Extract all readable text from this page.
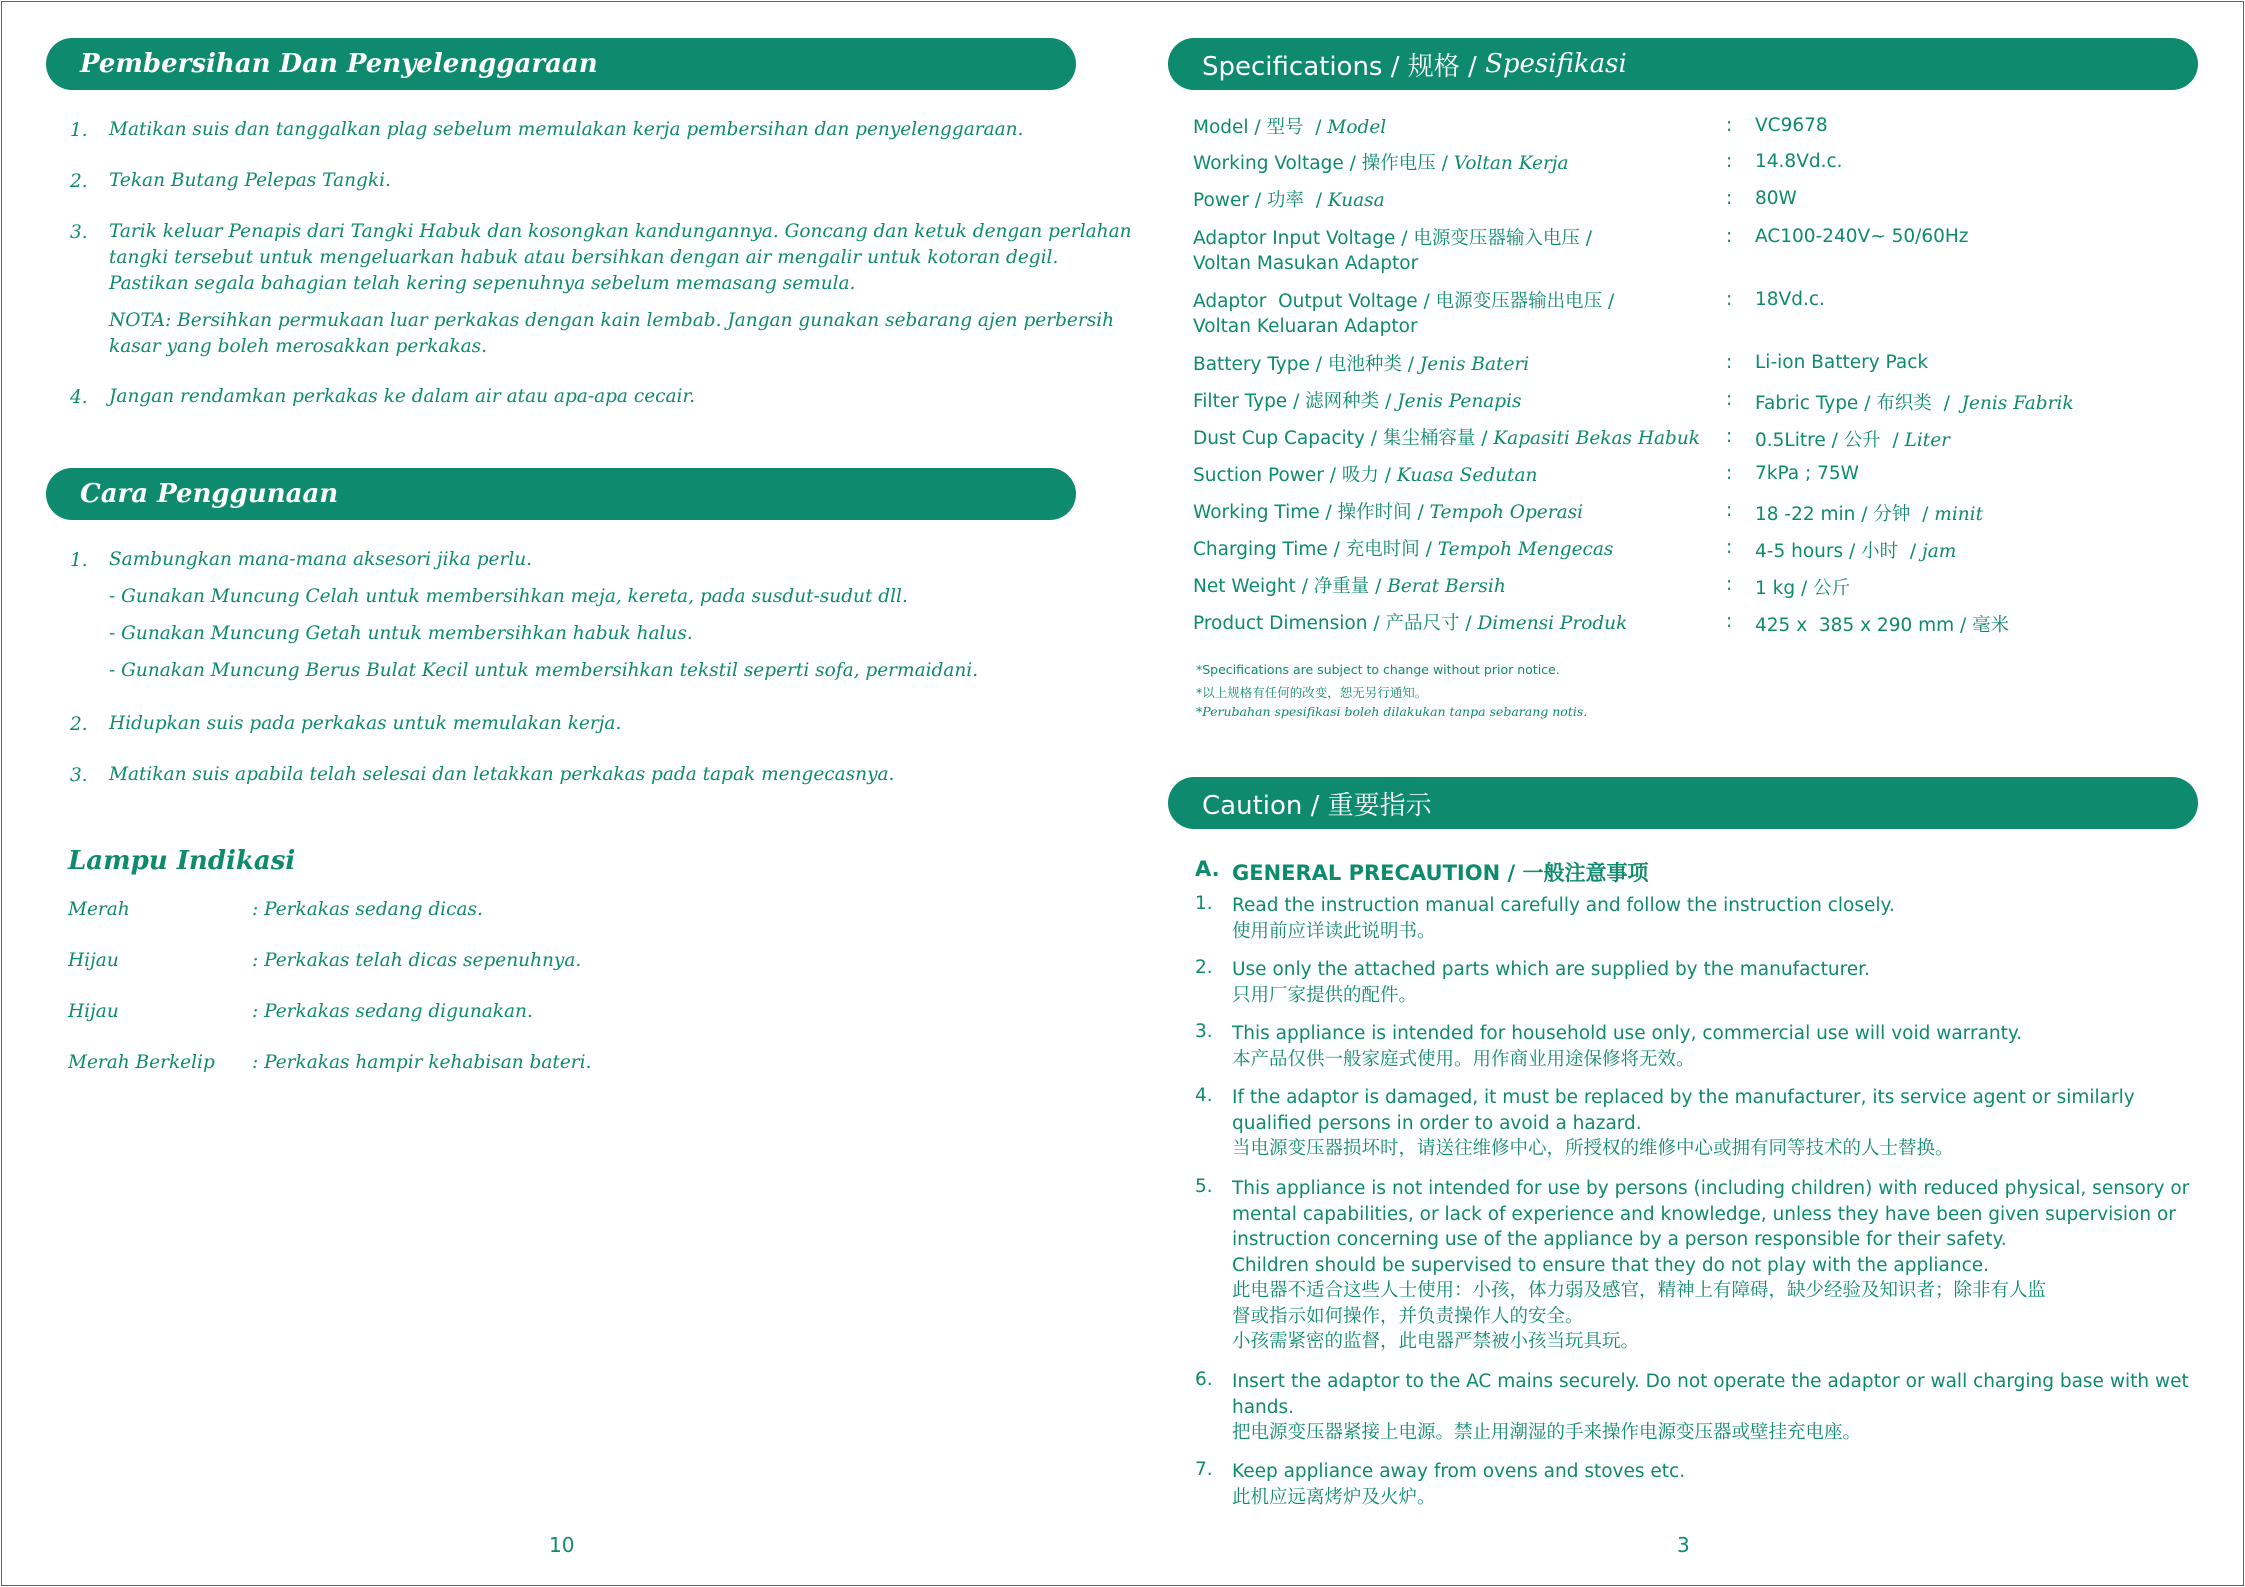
Pembersihan Dan Penyelenggaraan
1. Matikan suis dan tanggalkan plag sebelum memulakan kerja pembersihan dan penyelenggaraan.
2. Tekan Butang Pelepas Tangki.
3. Tarik keluar Penapis dari Tangki Habuk dan kosongkan kandungannya. Goncang dan ketuk dengan perlahan
tangki tersebut untuk mengeluarkan habuk atau bersihkan dengan air mengalir untuk kotoran degil.
Pastikan segala bahagian telah kering sepenuhnya sebelum memasang semula.
NOTA: Bersihkan permukaan luar perkakas dengan kain lembab. Jangan gunakan sebarang ajen perbersih
kasar yang boleh merosakkan perkakas.
4. Jangan rendamkan perkakas ke dalam air atau apa-apa cecair.
Cara Penggunaan
1. Sambungkan mana-mana aksesori jika perlu.
- Gunakan Muncung Celah untuk membersihkan meja, kereta, pada susdut-sudut dll.
- Gunakan Muncung Getah untuk membersihkan habuk halus.
- Gunakan Muncung Berus Bulat Kecil untuk membersihkan tekstil seperti sofa, permaidani.
2. Hidupkan suis pada perkakas untuk memulakan kerja.
3. Matikan suis apabila telah selesai dan letakkan perkakas pada tapak mengecasnya.
Lampu Indikasi
Merah	: Perkakas sedang dicas.
Hijau	: Perkakas telah dicas sepenuhnya.
Hijau	: Perkakas sedang digunakan.
Merah Berkelip : Perkakas hampir kehabisan bateri.
10
Specifications / 规格 / Spesifikasi
Model / 型号  / Model	: VC9678
Working Voltage / 操作电压 / Voltan Kerja	: 14.8Vd.c.
Power / 功率  / Kuasa	: 80W
Adaptor Input Voltage / 电源变压器输入电压 /
Voltan Masukan Adaptor
: AC100-240V~ 50/60Hz
Adaptor  Output Voltage / 电源变压器输出电压 /
Voltan Keluaran Adaptor
: 18Vd.c.
Battery Type / 电池种类 / Jenis Bateri	: Li-ion Battery Pack
Filter Type / 滤网种类 / Jenis Penapis	: Fabric Type / 布织类  /  Jenis Fabrik
Dust Cup Capacity / 集尘桶容量 / Kapasiti Bekas Habuk : 0.5Litre / 公升  / Liter
Suction Power / 吸力 / Kuasa Sedutan	: 7kPa ; 75W
Working Time / 操作时间 / Tempoh Operasi	: 18 -22 min / 分钟  / minit
Charging Time / 充电时间 / Tempoh Mengecas	: 4-5 hours / 小时  / jam
Net Weight / 净重量 / Berat Bersih	: 1 kg / 公斤
Product Dimension / 产品尺寸 / Dimensi Produk	: 425 x  385 x 290 mm / 毫米
*Specifications are subject to change without prior notice.
*以上规格有任何的改变，恕无另行通知。
*Perubahan spesifikasi boleh dilakukan tanpa sebarang notis.
Caution / 重要指示
A. GENERAL PRECAUTION / 一般注意事项
1. Read the instruction manual carefully and follow the instruction closely.
使用前应详读此说明书。
2. Use only the attached parts which are supplied by the manufacturer.
只用厂家提供的配件。
3. This appliance is intended for household use only, commercial use will void warranty.
本产品仅供一般家庭式使用。用作商业用途保修将无效。
4. If the adaptor is damaged, it must be replaced by the manufacturer, its service agent or similarly
qualified persons in order to avoid a hazard.
当电源变压器损坏时，请送往维修中心，所授权的维修中心或拥有同等技术的人士替换。
5. This appliance is not intended for use by persons (including children) with reduced physical, sensory or
mental capabilities, or lack of experience and knowledge, unless they have been given supervision or
instruction concerning use of the appliance by a person responsible for their safety.
Children should be supervised to ensure that they do not play with the appliance.
此电器不适合这些人士使用：小孩，体力弱及感官，精神上有障碍，缺少经验及知识者；除非有人监
督或指示如何操作，并负责操作人的安全。
小孩需紧密的监督，此电器严禁被小孩当玩具玩。
6. Insert the adaptor to the AC mains securely. Do not operate the adaptor or wall charging base with wet
hands.
把电源变压器紧接上电源。禁止用潮湿的手来操作电源变压器或壁挂充电座。
7. Keep appliance away from ovens and stoves etc.
此机应远离烤炉及火炉。
3
